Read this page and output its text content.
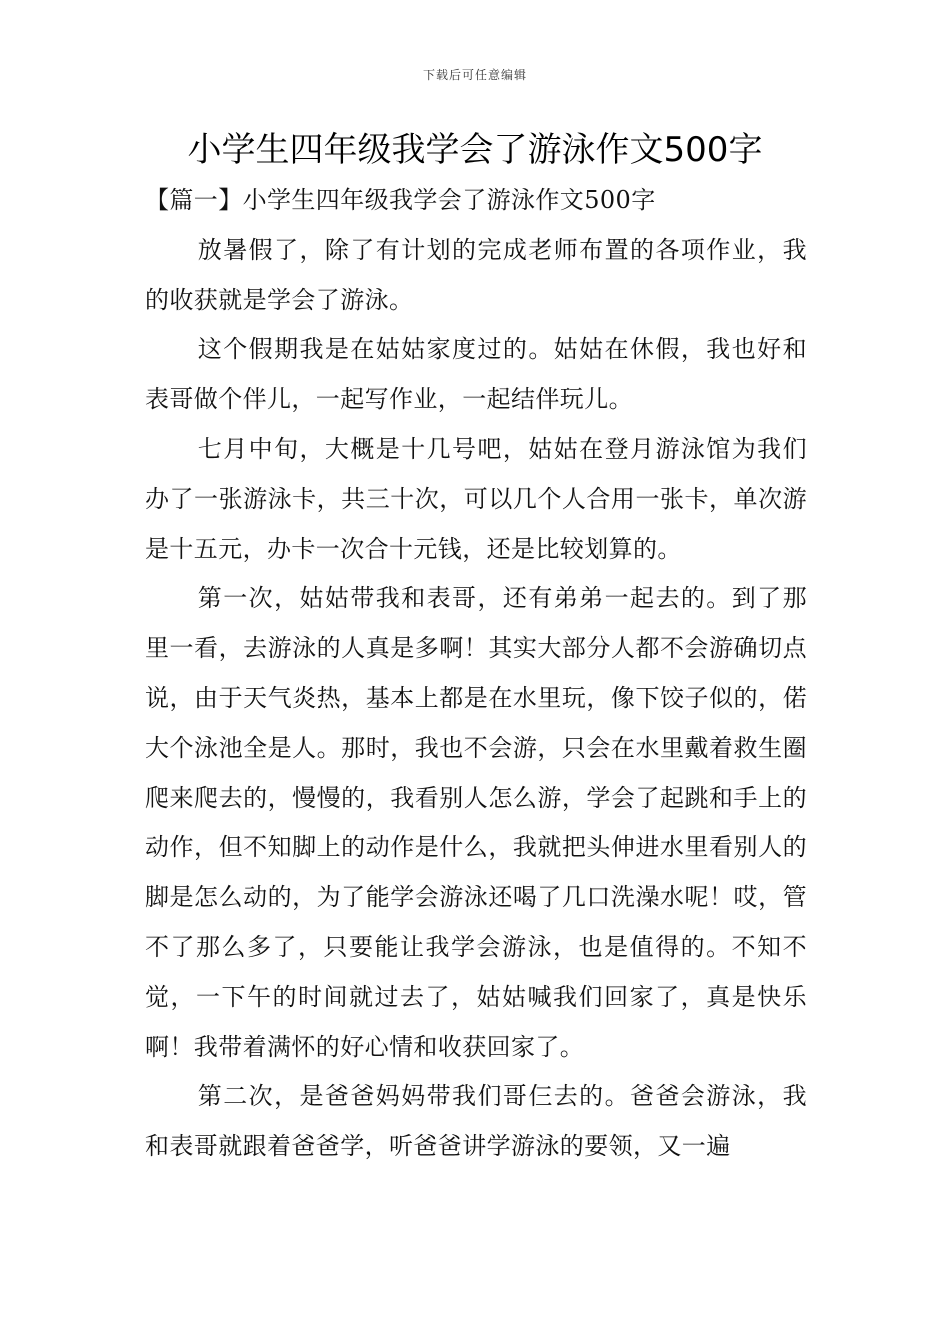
下载后可任意编辑
小学生四年级我学会了游泳作文500字

【篇一】小学生四年级我学会了游泳作文500字

放暑假了，除了有计划的完成老师布置的各项作业，我的收获就是学会了游泳。

这个假期我是在姑姑家度过的。姑姑在休假，我也好和表哥做个伴儿，一起写作业，一起结伴玩儿。

七月中旬，大概是十几号吧，姑姑在登月游泳馆为我们办了一张游泳卡，共三十次，可以几个人合用一张卡，单次游是十五元，办卡一次合十元钱，还是比较划算的。

第一次，姑姑带我和表哥，还有弟弟一起去的。到了那里一看，去游泳的人真是多啊！其实大部分人都不会游确切点说，由于天气炎热，基本上都是在水里玩，像下饺子似的，偌大个泳池全是人。那时，我也不会游，只会在水里戴着救生圈爬来爬去的，慢慢的，我看别人怎么游，学会了起跳和手上的动作，但不知脚上的动作是什么，我就把头伸进水里看别人的脚是怎么动的，为了能学会游泳还喝了几口洗澡水呢！哎，管不了那么多了，只要能让我学会游泳，也是值得的。不知不觉，一下午的时间就过去了，姑姑喊我们回家了，真是快乐啊！我带着满怀的好心情和收获回家了。

第二次，是爸爸妈妈带我们哥仨去的。爸爸会游泳，我和表哥就跟着爸爸学，听爸爸讲学游泳的要领，又一遍
